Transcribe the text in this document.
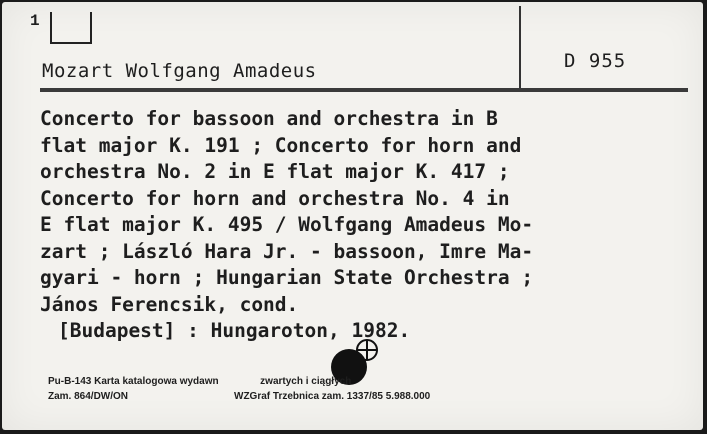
1
Mozart Wolfgang Amadeus	D 955

Concerto for bassoon and orchestra in B

flat major K. 191 ; Concerto for horn and

orchestra No. 2 in E flat major K. 417 ;

Concerto for horn and orchestra No. 4 in

E flat major K. 495 / Wolfgang Amadeus Mo-

zart ; László Hara Jr. - bassoon, Imre Ma-

gyari - horn ; Hungarian State Orchestra ;

János Ferencsik, cond.

[Budapest] : Hungaroton, 1982.

Pu-B-143 Karta katalogowa wydawn	zwartych i ciągłych
Zam. 864/DW/ON	WZGraf Trzebnica zam. 1337/85 5.988.000
